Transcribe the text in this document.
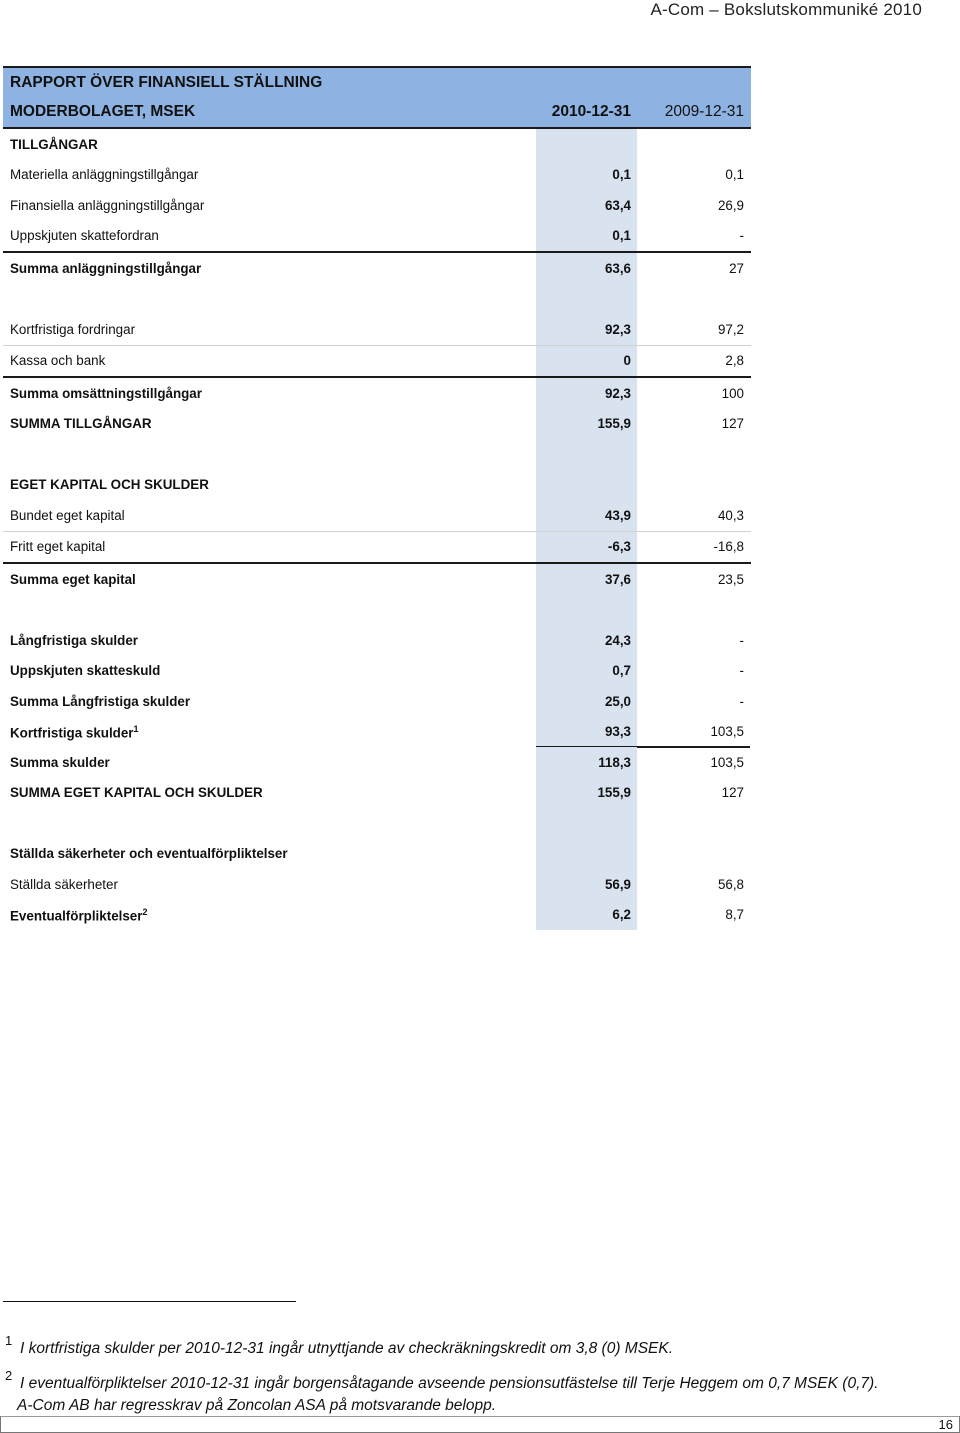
A-Com – Bokslutskommuniké 2010
RAPPORT ÖVER FINANSIELL STÄLLNING
MODERBOLAGET, MSEK	2010-12-31	2009-12-31
TILLGÅNGAR
Materiella anläggningstillgångar	0,1	0,1
Finansiella anläggningstillgångar	63,4	26,9
Uppskjuten skattefordran	0,1	-
Summa anläggningstillgångar	63,6	27
Kortfristiga fordringar	92,3	97,2
Kassa och bank	0	2,8
Summa omsättningstillgångar	92,3	100
SUMMA TILLGÅNGAR	155,9	127
EGET KAPITAL OCH SKULDER
Bundet eget kapital	43,9	40,3
Fritt eget kapital	-6,3	-16,8
Summa eget kapital	37,6	23,5
Långfristiga skulder	24,3	-
Uppskjuten skatteskuld	0,7	-
Summa Långfristiga skulder	25,0	-
Kortfristiga skulder$^1$	93,3	103,5
Summa skulder	118,3	103,5
SUMMA EGET KAPITAL OCH SKULDER	155,9	127
Ställda säkerheter och eventualförpliktelser
Ställda säkerheter	56,9	56,8
Eventualförpliktelser$^2$	6,2	8,7
1 I kortfristiga skulder per 2010-12-31 ingår utnyttjande av checkräkningskredit om 3,8 (0) MSEK.
2 I eventualförpliktelser 2010-12-31 ingår borgensåtagande avseende pensionsutfästelse till Terje Heggem om 0,7 MSEK (0,7).
A-Com AB har regresskrav på Zoncolan ASA på motsvarande belopp.
16
